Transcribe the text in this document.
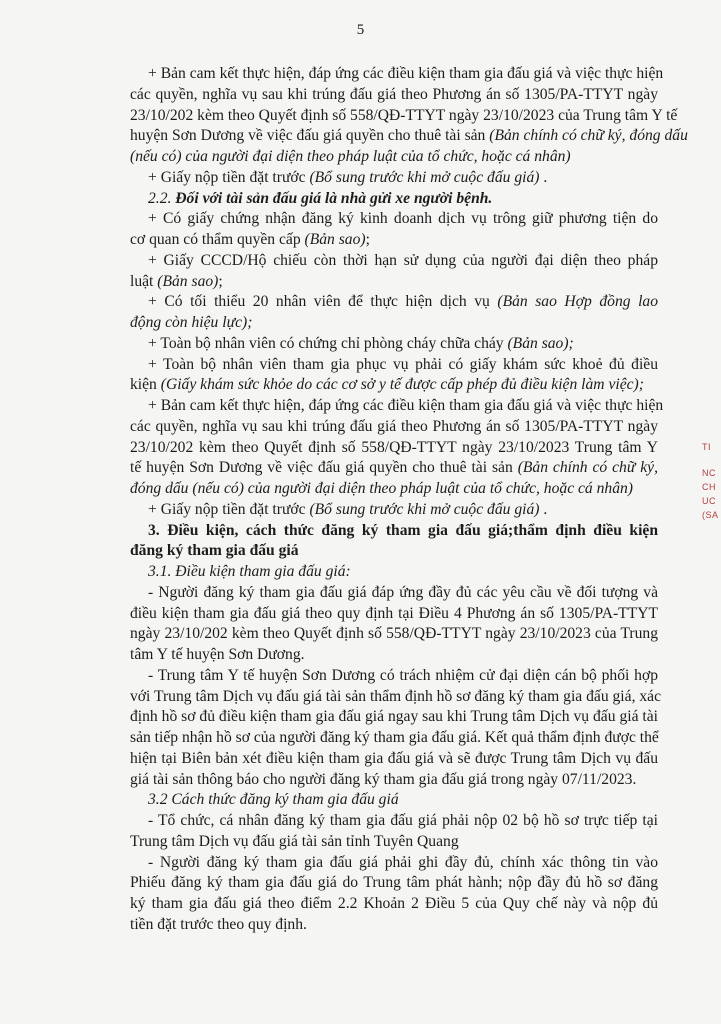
5
+ Bản cam kết thực hiện, đáp ứng các điều kiện tham gia đấu giá và việc thực hiện
các quyền, nghĩa vụ sau khi trúng đấu giá theo Phương án số 1305/PA-TTYT ngày
23/10/202 kèm theo Quyết định số 558/QĐ-TTYT ngày 23/10/2023 của Trung tâm Y tế
huyện Sơn Dương về việc đấu giá quyền cho thuê tài sản (Bản chính có chữ ký, đóng dấu
(nếu có) của người đại diện theo pháp luật của tổ chức, hoặc cá nhân)
+ Giấy nộp tiền đặt trước (Bổ sung trước khi mở cuộc đấu giá) .
2.2. Đối với tài sản đấu giá là nhà gửi xe người bệnh.
+ Có giấy chứng nhận đăng ký kinh doanh dịch vụ trông giữ phương tiện do
cơ quan có thẩm quyền cấp (Bản sao);
+ Giấy CCCD/Hộ chiếu còn thời hạn sử dụng của người đại diện theo pháp
luật (Bản sao);
+ Có tối thiểu 20 nhân viên để thực hiện dịch vụ (Bản sao Hợp đồng lao
động còn hiệu lực);
+ Toàn bộ nhân viên có chứng chỉ phòng cháy chữa cháy (Bản sao);
+ Toàn bộ nhân viên tham gia phục vụ phải có giấy khám sức khoẻ đủ điều
kiện (Giấy khám sức khỏe do các cơ sở y tế được cấp phép đủ điều kiện làm việc);
+ Bản cam kết thực hiện, đáp ứng các điều kiện tham gia đấu giá và việc thực hiện
các quyền, nghĩa vụ sau khi trúng đấu giá theo Phương án số 1305/PA-TTYT ngày
23/10/202 kèm theo Quyết định số 558/QĐ-TTYT ngày 23/10/2023 Trung tâm Y
tế huyện Sơn Dương về việc đấu giá quyền cho thuê tài sản (Bản chính có chữ ký,
đóng dấu (nếu có) của người đại diện theo pháp luật của tổ chức, hoặc cá nhân)
+ Giấy nộp tiền đặt trước (Bổ sung trước khi mở cuộc đấu giá) .
3. Điều kiện, cách thức đăng ký tham gia đấu giá;thẩm định điều kiện
đăng ký tham gia đấu giá
3.1. Điều kiện tham gia đấu giá:
- Người đăng ký tham gia đấu giá đáp ứng đầy đủ các yêu cầu về đối tượng và
điều kiện tham gia đấu giá theo quy định tại Điều 4 Phương án số 1305/PA-TTYT
ngày 23/10/202 kèm theo Quyết định số 558/QĐ-TTYT ngày 23/10/2023 của Trung
tâm Y tế huyện Sơn Dương.
- Trung tâm Y tế huyện Sơn Dương có trách nhiệm cử đại diện cán bộ phối hợp
với Trung tâm Dịch vụ đấu giá tài sản thẩm định hồ sơ đăng ký tham gia đấu giá, xác
định hồ sơ đủ điều kiện tham gia đấu giá ngay sau khi Trung tâm Dịch vụ đấu giá tài
sản tiếp nhận hồ sơ của người đăng ký tham gia đấu giá. Kết quả thẩm định được thể
hiện tại Biên bản xét điều kiện tham gia đấu giá và sẽ được Trung tâm Dịch vụ đấu
giá tài sản thông báo cho người đăng ký tham gia đấu giá trong ngày 07/11/2023.
3.2 Cách thức đăng ký tham gia đấu giá
- Tổ chức, cá nhân đăng ký tham gia đấu giá phải nộp 02 bộ hồ sơ trực tiếp tại
Trung tâm Dịch vụ đấu giá tài sản tỉnh Tuyên Quang
- Người đăng ký tham gia đấu giá phải ghi đầy đủ, chính xác thông tin vào
Phiếu đăng ký tham gia đấu giá do Trung tâm phát hành; nộp đầy đủ hồ sơ đăng
ký tham gia đấu giá theo điểm 2.2 Khoản 2 Điều 5 của Quy chế này và nộp đủ
tiền đặt trước theo quy định.
TI
NC
CH
UC
(SA
